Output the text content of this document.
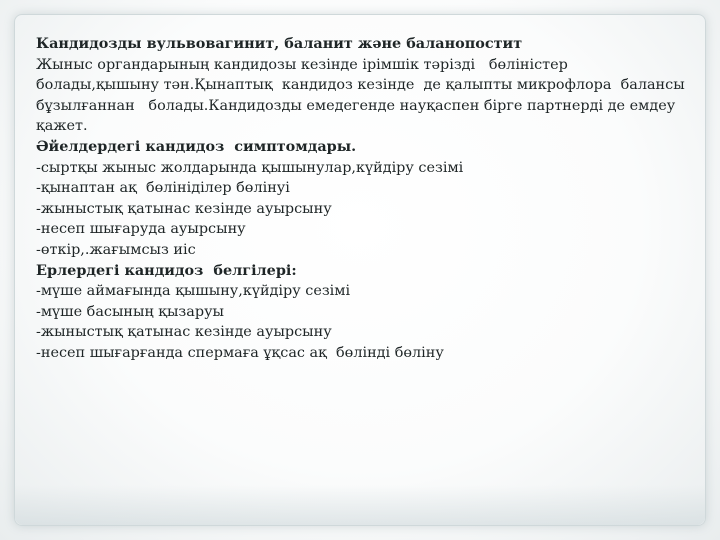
Кандидозды вульвовагинит, баланит және баланопостит

Жыныс органдарының кандидозы кезінде ірімшік тәрізді   бөліністер

болады,қышыну тән.Қынаптық  кандидоз кезінде  де қалыпты микрофлора  балансы

бұзылғаннан   болады.Кандидозды емедегенде науқаспен бірге партнерді де емдеу

қажет.

Әйелдердегі кандидоз  симптомдары.

-сыртқы жыныс жолдарында қышынулар,күйдіру сезімі

-қынаптан ақ  бөлініділер бөлінуі

-жыныстық қатынас кезінде ауырсыну

-несеп шығаруда ауырсыну

-өткір,.жағымсыз иіс

Ерлердегі кандидоз  белгілері:

-мүше аймағында қышыну,күйдіру сезімі

-мүше басының қызаруы

-жыныстық қатынас кезінде ауырсыну

-несеп шығарғанда спермаға ұқсас ақ  бөлінді бөліну
